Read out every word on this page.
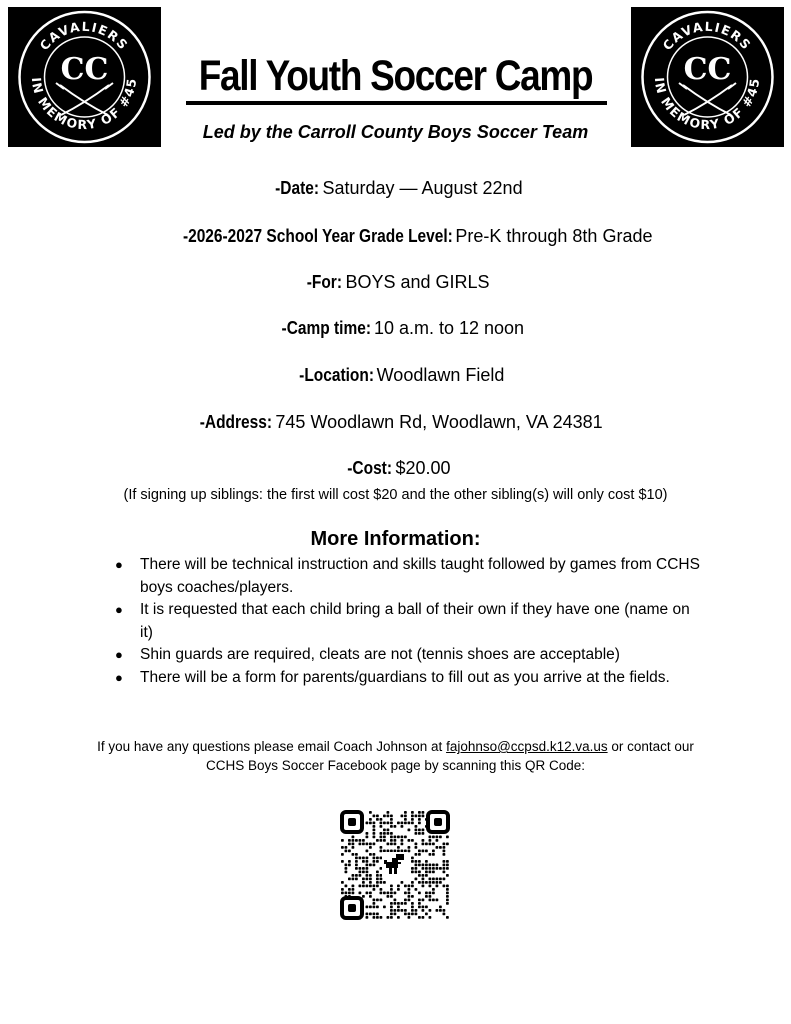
CAVALIERS
IN MEMORY OF #45
CC
CAVALIERS
IN MEMORY OF #45
CC
Fall Youth Soccer Camp
Led by the Carroll County Boys Soccer Team
-Date: Saturday — August 22nd
-2026-2027 School Year Grade Level: Pre-K through 8th Grade
-For: BOYS and GIRLS
-Camp time: 10 a.m. to 12 noon
-Location: Woodlawn Field
-Address: 745 Woodlawn Rd, Woodlawn, VA 24381
-Cost: $20.00
(If signing up siblings: the first will cost $20 and the other sibling(s) will only cost $10)
More Information:
● There will be technical instruction and skills taught followed by games from CCHS boys coaches/players.
● It is requested that each child bring a ball of their own if they have one (name on it)
● Shin guards are required, cleats are not (tennis shoes are acceptable)
● There will be a form for parents/guardians to fill out as you arrive at the fields.
If you have any questions please email Coach Johnson at fajohnso@ccpsd.k12.va.us or contact our CCHS Boys Soccer Facebook page by scanning this QR Code:
